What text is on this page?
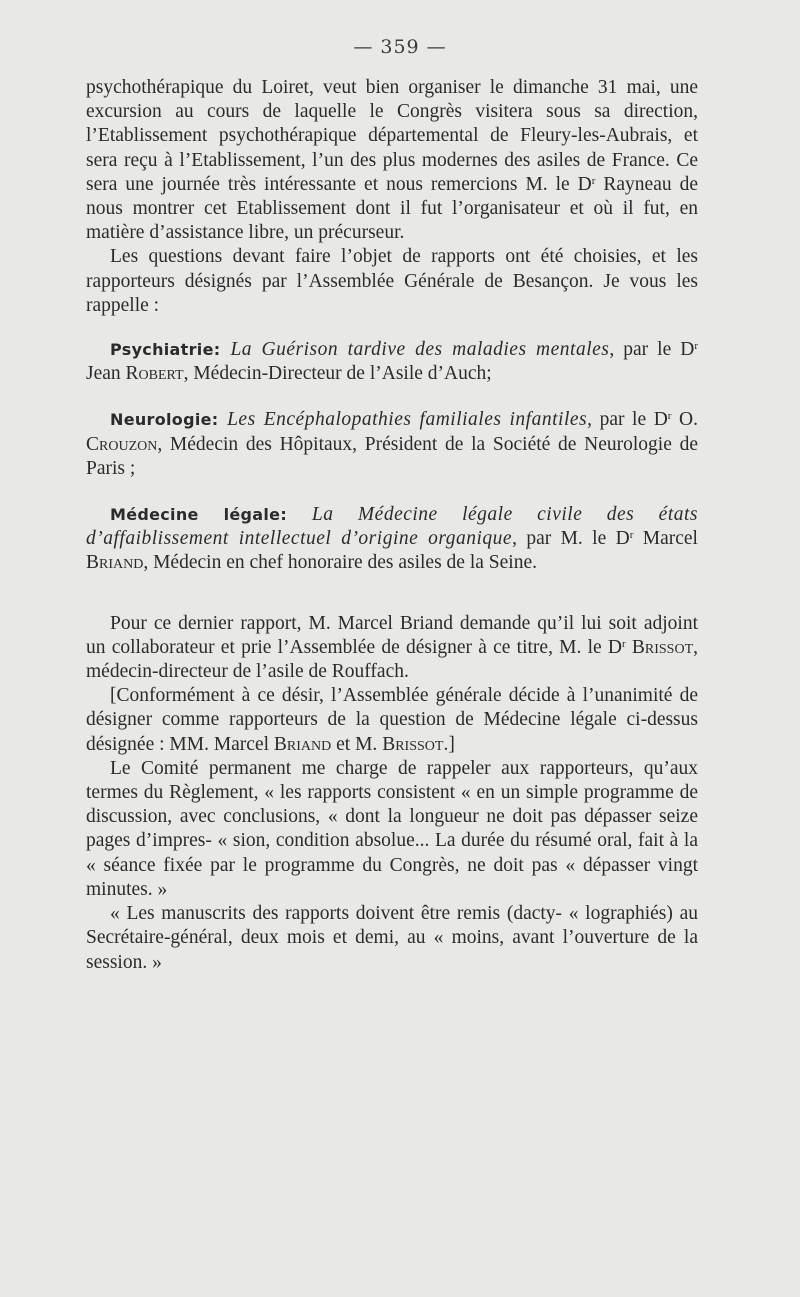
— 359 —

psychothérapique du Loiret, veut bien organiser le dimanche 31 mai, une excursion au cours de laquelle le Congrès visitera sous sa direction, l’Etablissement psychothérapique départemental de Fleury-les-Aubrais, et sera reçu à l’Etablissement, l’un des plus modernes des asiles de France. Ce sera une journée très intéressante et nous remercions M. le $D^r$ Rayneau de nous montrer cet Etablissement dont il fut l’organisateur et où il fut, en matière d’assistance libre, un précurseur.

Les questions devant faire l’objet de rapports ont été choisies, et les rapporteurs désignés par l’Assemblée Générale de Besançon. Je vous les rappelle :

Psychiatrie: La Guérison tardive des maladies mentales, par le $D^r$ Jean Robert, Médecin-Directeur de l’Asile d’Auch;

Neurologie: Les Encéphalopathies familiales infantiles, par le $D^r$ O. Crouzon, Médecin des Hôpitaux, Président de la Société de Neurologie de Paris ;

Médecine légale: La Médecine légale civile des états d’affaiblissement intellectuel d’origine organique, par M. le $D^r$ Marcel Briand, Médecin en chef honoraire des asiles de la Seine.

Pour ce dernier rapport, M. Marcel Briand demande qu’il lui soit adjoint un collaborateur et prie l’Assemblée de désigner à ce titre, M. le $D^r$ Brissot, médecin-directeur de l’asile de Rouffach.

[Conformément à ce désir, l’Assemblée générale décide à l’unanimité de désigner comme rapporteurs de la question de Médecine légale ci-dessus désignée : MM. Marcel Briand et M. Brissot.]

Le Comité permanent me charge de rappeler aux rapporteurs, qu’aux termes du Règlement, « les rapports consistent « en un simple programme de discussion, avec conclusions, « dont la longueur ne doit pas dépasser seize pages d’impres- « sion, condition absolue... La durée du résumé oral, fait à la « séance fixée par le programme du Congrès, ne doit pas « dépasser vingt minutes. »

« Les manuscrits des rapports doivent être remis (dacty- « lographiés) au Secrétaire-général, deux mois et demi, au « moins, avant l’ouverture de la session. »
